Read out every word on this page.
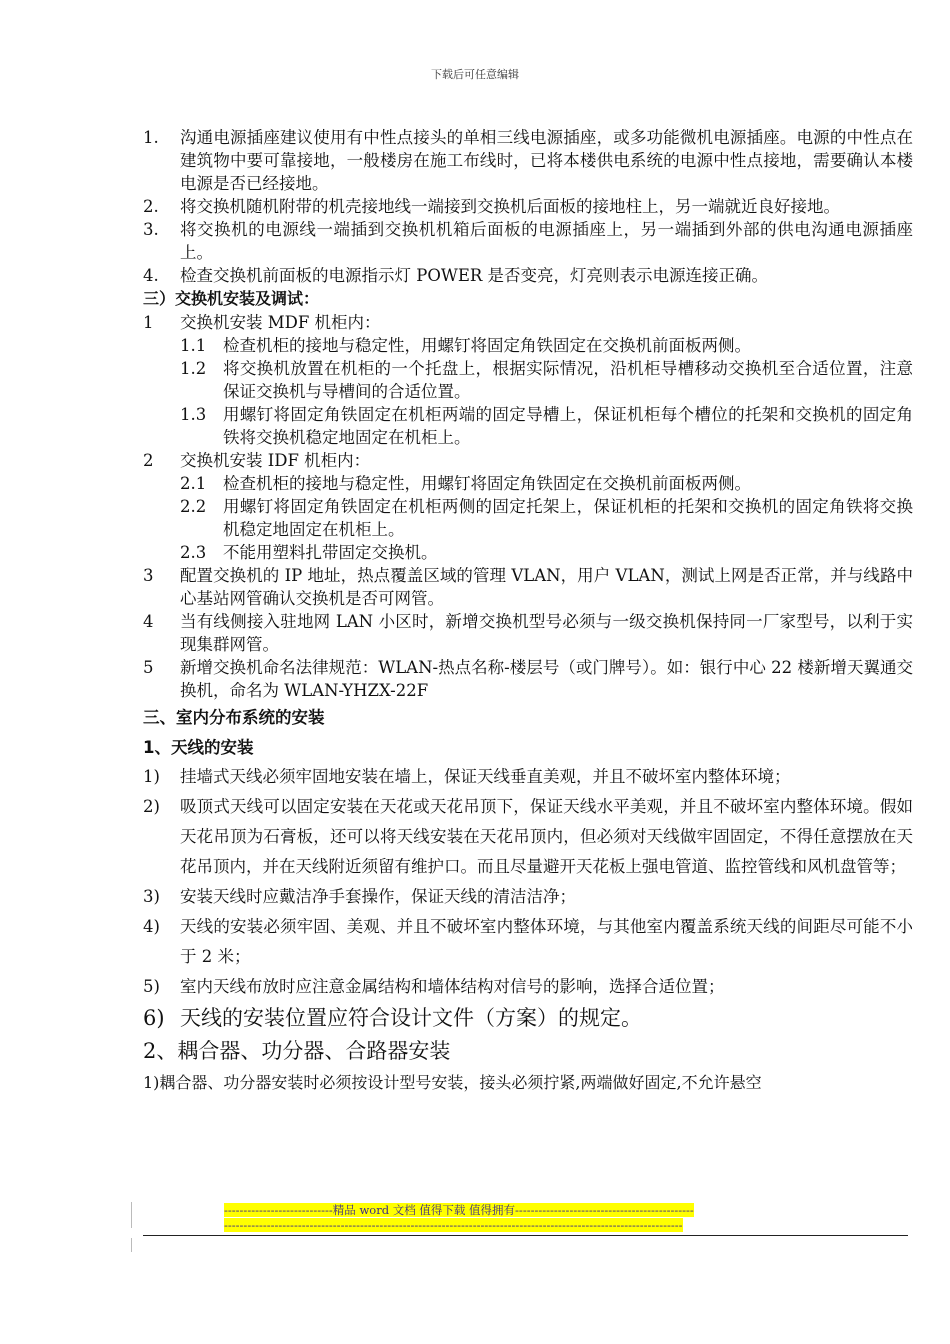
下载后可任意编辑
1.	沟通电源插座建议使用有中性点接头的单相三线电源插座，或多功能微机电源插座。电源的中性点在建筑物中要可靠接地，一般楼房在施工布线时，已将本楼供电系统的电源中性点接地，需要确认本楼电源是否已经接地。
2.	将交换机随机附带的机壳接地线一端接到交换机后面板的接地柱上，另一端就近良好接地。
3.	将交换机的电源线一端插到交换机机箱后面板的电源插座上，另一端插到外部的供电沟通电源插座上。
4.	检查交换机前面板的电源指示灯 POWER 是否变亮，灯亮则表示电源连接正确。
三）交换机安装及调试：
1	交换机安装 MDF 机柜内：
1.1	检查机柜的接地与稳定性，用螺钉将固定角铁固定在交换机前面板两侧。
1.2	将交换机放置在机柜的一个托盘上，根据实际情况，沿机柜导槽移动交换机至合适位置，注意保证交换机与导槽间的合适位置。
1.3	用螺钉将固定角铁固定在机柜两端的固定导槽上，保证机柜每个槽位的托架和交换机的固定角铁将交换机稳定地固定在机柜上。
2	交换机安装 IDF 机柜内：
2.1	检查机柜的接地与稳定性，用螺钉将固定角铁固定在交换机前面板两侧。
2.2	用螺钉将固定角铁固定在机柜两侧的固定托架上，保证机柜的托架和交换机的固定角铁将交换机稳定地固定在机柜上。
2.3	不能用塑料扎带固定交换机。
3	配置交换机的 IP 地址，热点覆盖区域的管理 VLAN，用户 VLAN，测试上网是否正常，并与线路中心基站网管确认交换机是否可网管。
4	当有线侧接入驻地网 LAN 小区时，新增交换机型号必须与一级交换机保持同一厂家型号，以利于实现集群网管。
5	新增交换机命名法律规范：WLAN-热点名称-楼层号（或门牌号）。如：银行中心 22 楼新增天翼通交换机，命名为 WLAN-YHZX-22F
三、室内分布系统的安装
1、天线的安装
1)	挂墙式天线必须牢固地安装在墙上，保证天线垂直美观，并且不破坏室内整体环境；
2)	吸顶式天线可以固定安装在天花或天花吊顶下，保证天线水平美观，并且不破坏室内整体环境。假如天花吊顶为石膏板，还可以将天线安装在天花吊顶内，但必须对天线做牢固固定，不得任意摆放在天花吊顶内，并在天线附近须留有维护口。而且尽量避开天花板上强电管道、监控管线和风机盘管等；
3)	安装天线时应戴洁净手套操作，保证天线的清洁洁净；
4)	天线的安装必须牢固、美观、并且不破坏室内整体环境，与其他室内覆盖系统天线的间距尽可能不小于 2 米；
5)	室内天线布放时应注意金属结构和墙体结构对信号的影响，选择合适位置；
6) 天线的安装位置应符合设计文件（方案）的规定。
2、耦合器、功分器、合路器安装
1)耦合器、功分器安装时必须按设计型号安装，接头必须拧紧,两端做好固定,不允许悬空
----------------------------精品 word 文档 值得下载 值得拥有----------------------------------------------
----------------------------------------------------------------------------------------------------------------------
